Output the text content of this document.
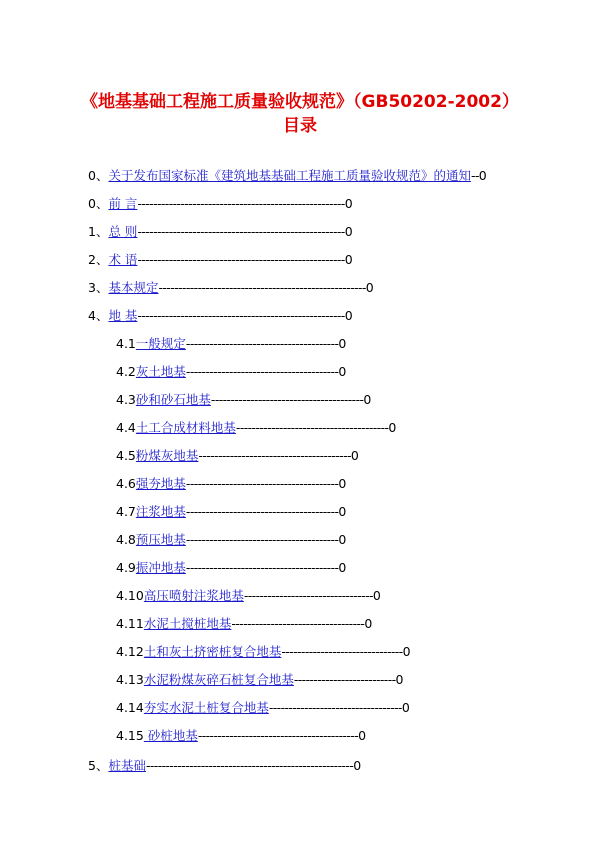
《地基基础工程施工质量验收规范》（GB50202-2002）
目录
0、关于发布国家标准《建筑地基基础工程施工质量验收规范》的通知--0
0、前 言-----------------------------------------------------0
1、总 则-----------------------------------------------------0
2、术 语-----------------------------------------------------0
3、基本规定-----------------------------------------------------0
4、地 基-----------------------------------------------------0
4.1一般规定---------------------------------------0
4.2灰土地基---------------------------------------0
4.3砂和砂石地基---------------------------------------0
4.4土工合成材料地基---------------------------------------0
4.5粉煤灰地基---------------------------------------0
4.6强夯地基---------------------------------------0
4.7注浆地基---------------------------------------0
4.8预压地基---------------------------------------0
4.9振冲地基---------------------------------------0
4.10高压喷射注浆地基---------------------------------0
4.11水泥土搅桩地基----------------------------------0
4.12土和灰土挤密桩复合地基-------------------------------0
4.13水泥粉煤灰碎石桩复合地基--------------------------0
4.14夯实水泥土桩复合地基----------------------------------0
4.15 砂桩地基-----------------------------------------0
5、桩基础-----------------------------------------------------0
